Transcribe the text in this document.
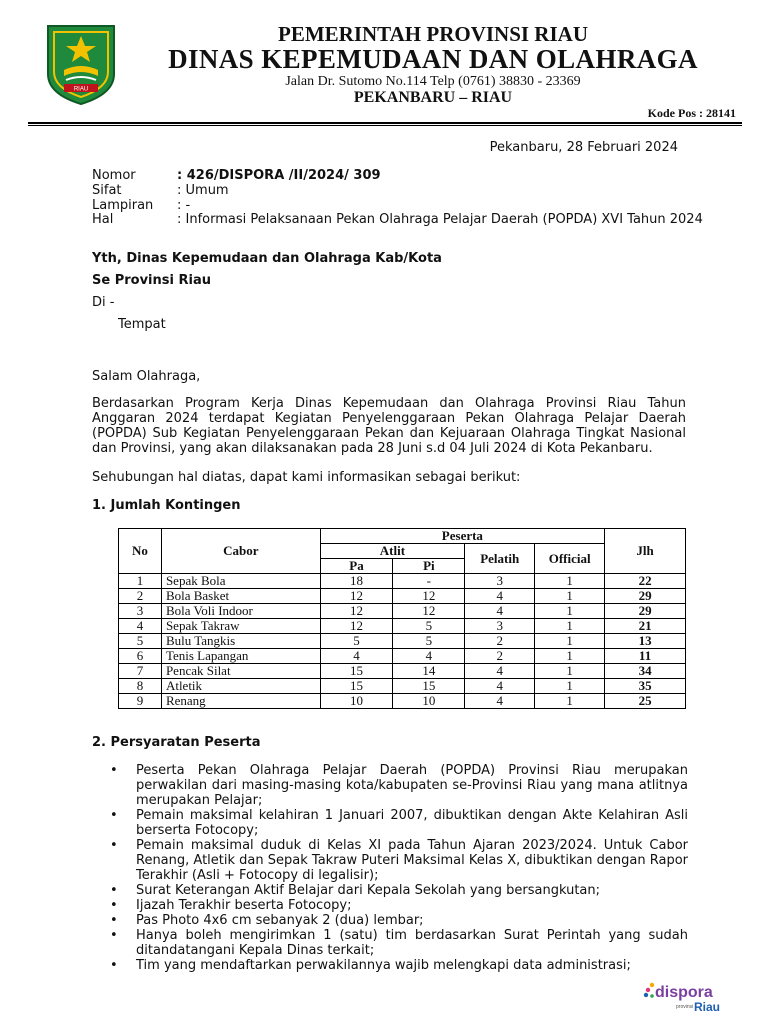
RIAU
PEMERINTAH PROVINSI RIAU
DINAS KEPEMUDAAN DAN OLAHRAGA
Jalan Dr. Sutomo No.114 Telp (0761) 38830 - 23369
PEKANBARU – RIAU
Kode Pos : 28141
Pekanbaru, 28 Februari 2024
Nomor	: 426/DISPORA /II/2024/ 309
Sifat	: Umum
Lampiran : -
Hal	: Informasi Pelaksanaan Pekan Olahraga Pelajar Daerah (POPDA) XVI Tahun 2024
Yth, Dinas Kepemudaan dan Olahraga Kab/Kota
Se Provinsi Riau
Di -
Tempat
Salam Olahraga,
Berdasarkan Program Kerja Dinas Kepemudaan dan Olahraga Provinsi Riau Tahun Anggaran 2024 terdapat Kegiatan Penyelenggaraan Pekan Olahraga Pelajar Daerah (POPDA) Sub Kegiatan Penyelenggaraan Pekan dan Kejuaraan Olahraga Tingkat Nasional dan Provinsi, yang akan dilaksanakan pada 28 Juni s.d 04 Juli 2024 di Kota Pekanbaru.
Sehubungan hal diatas, dapat kami informasikan sebagai berikut:
1. Jumlah Kontingen
No	Cabor	Peserta				Jlh
		Atlit		Pelatih	Official	
		Pa	Pi			
1	Sepak Bola	18	-	3	1	22
2	Bola Basket	12	12	4	1	29
3	Bola Voli Indoor	12	12	4	1	29
4	Sepak Takraw	12	5	3	1	21
5	Bulu Tangkis	5	5	2	1	13
6	Tenis Lapangan	4	4	2	1	11
7	Pencak Silat	15	14	4	1	34
8	Atletik	15	15	4	1	35
9	Renang	10	10	4	1	25
2. Persyaratan Peserta
• Peserta Pekan Olahraga Pelajar Daerah (POPDA) Provinsi Riau merupakan perwakilan dari masing-masing kota/kabupaten se-Provinsi Riau yang mana atlitnya merupakan Pelajar;
• Pemain maksimal kelahiran 1 Januari 2007, dibuktikan dengan Akte Kelahiran Asli berserta Fotocopy;
• Pemain maksimal duduk di Kelas XI pada Tahun Ajaran 2023/2024. Untuk Cabor Renang, Atletik dan Sepak Takraw Puteri Maksimal Kelas X, dibuktikan dengan Rapor Terakhir (Asli + Fotocopy di legalisir);
• Surat Keterangan Aktif Belajar dari Kepala Sekolah yang bersangkutan;
• Ijazah Terakhir beserta Fotocopy;
• Pas Photo 4x6 cm sebanyak 2 (dua) lembar;
• Hanya boleh mengirimkan 1 (satu) tim berdasarkan Surat Perintah yang sudah ditandatangani Kepala Dinas terkait;
• Tim yang mendaftarkan perwakilannya wajib melengkapi data administrasi;
dispora
provinsi Riau
